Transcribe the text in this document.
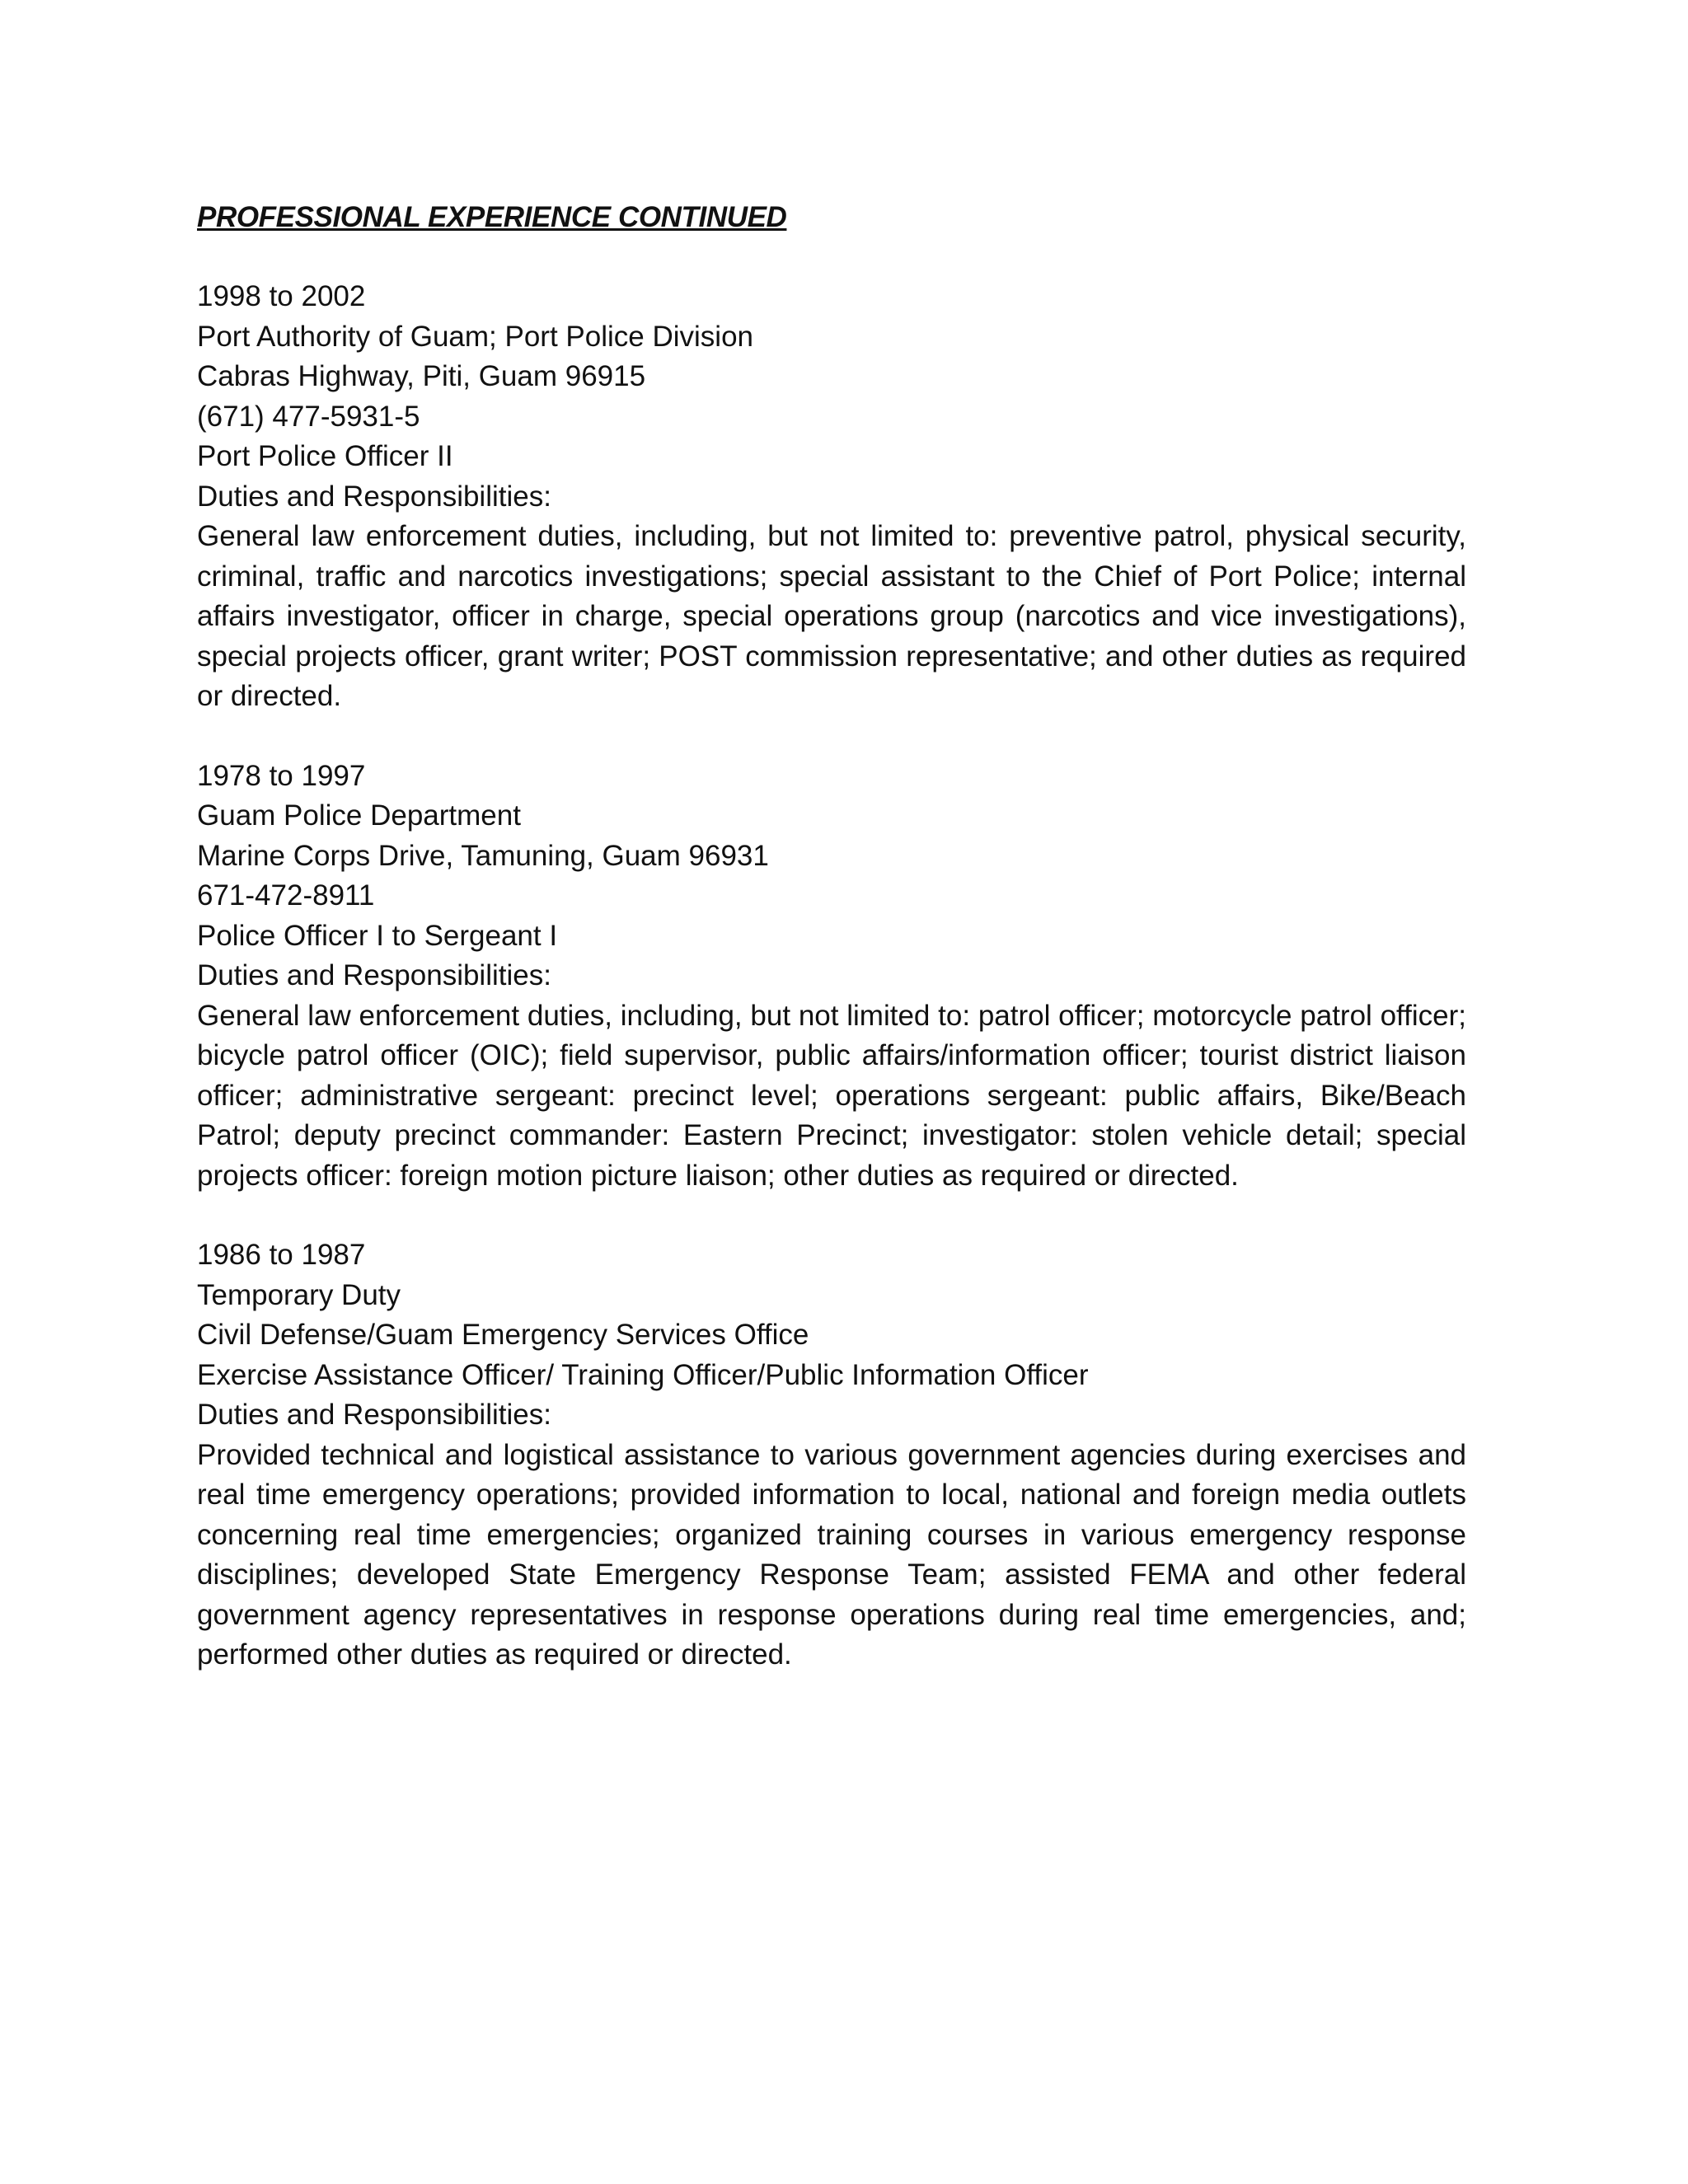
PROFESSIONAL EXPERIENCE CONTINUED
1998 to 2002
Port Authority of Guam; Port Police Division
Cabras Highway, Piti, Guam 96915
(671) 477-5931-5
Port Police Officer II
Duties and Responsibilities:

General law enforcement duties, including, but not limited to: preventive patrol, physical security, criminal, traffic and narcotics investigations; special assistant to the Chief of Port Police; internal affairs investigator, officer in charge, special operations group (narcotics and vice investigations), special projects officer, grant writer; POST commission representative; and other duties as required or directed.

1978 to 1997
Guam Police Department
Marine Corps Drive, Tamuning, Guam 96931
671-472-8911
Police Officer I to Sergeant I
Duties and Responsibilities:

General law enforcement duties, including, but not limited to: patrol officer; motorcycle patrol officer; bicycle patrol officer (OIC); field supervisor, public affairs/information officer; tourist district liaison officer; administrative sergeant: precinct level; operations sergeant: public affairs, Bike/Beach Patrol; deputy precinct commander: Eastern Precinct; investigator: stolen vehicle detail; special projects officer: foreign motion picture liaison; other duties as required or directed.

1986 to 1987
Temporary Duty
Civil Defense/Guam Emergency Services Office
Exercise Assistance Officer/ Training Officer/Public Information Officer
Duties and Responsibilities:

Provided technical and logistical assistance to various government agencies during exercises and real time emergency operations; provided information to local, national and foreign media outlets concerning real time emergencies; organized training courses in various emergency response disciplines; developed State Emergency Response Team; assisted FEMA and other federal government agency representatives in response operations during real time emergencies, and; performed other duties as required or directed.
